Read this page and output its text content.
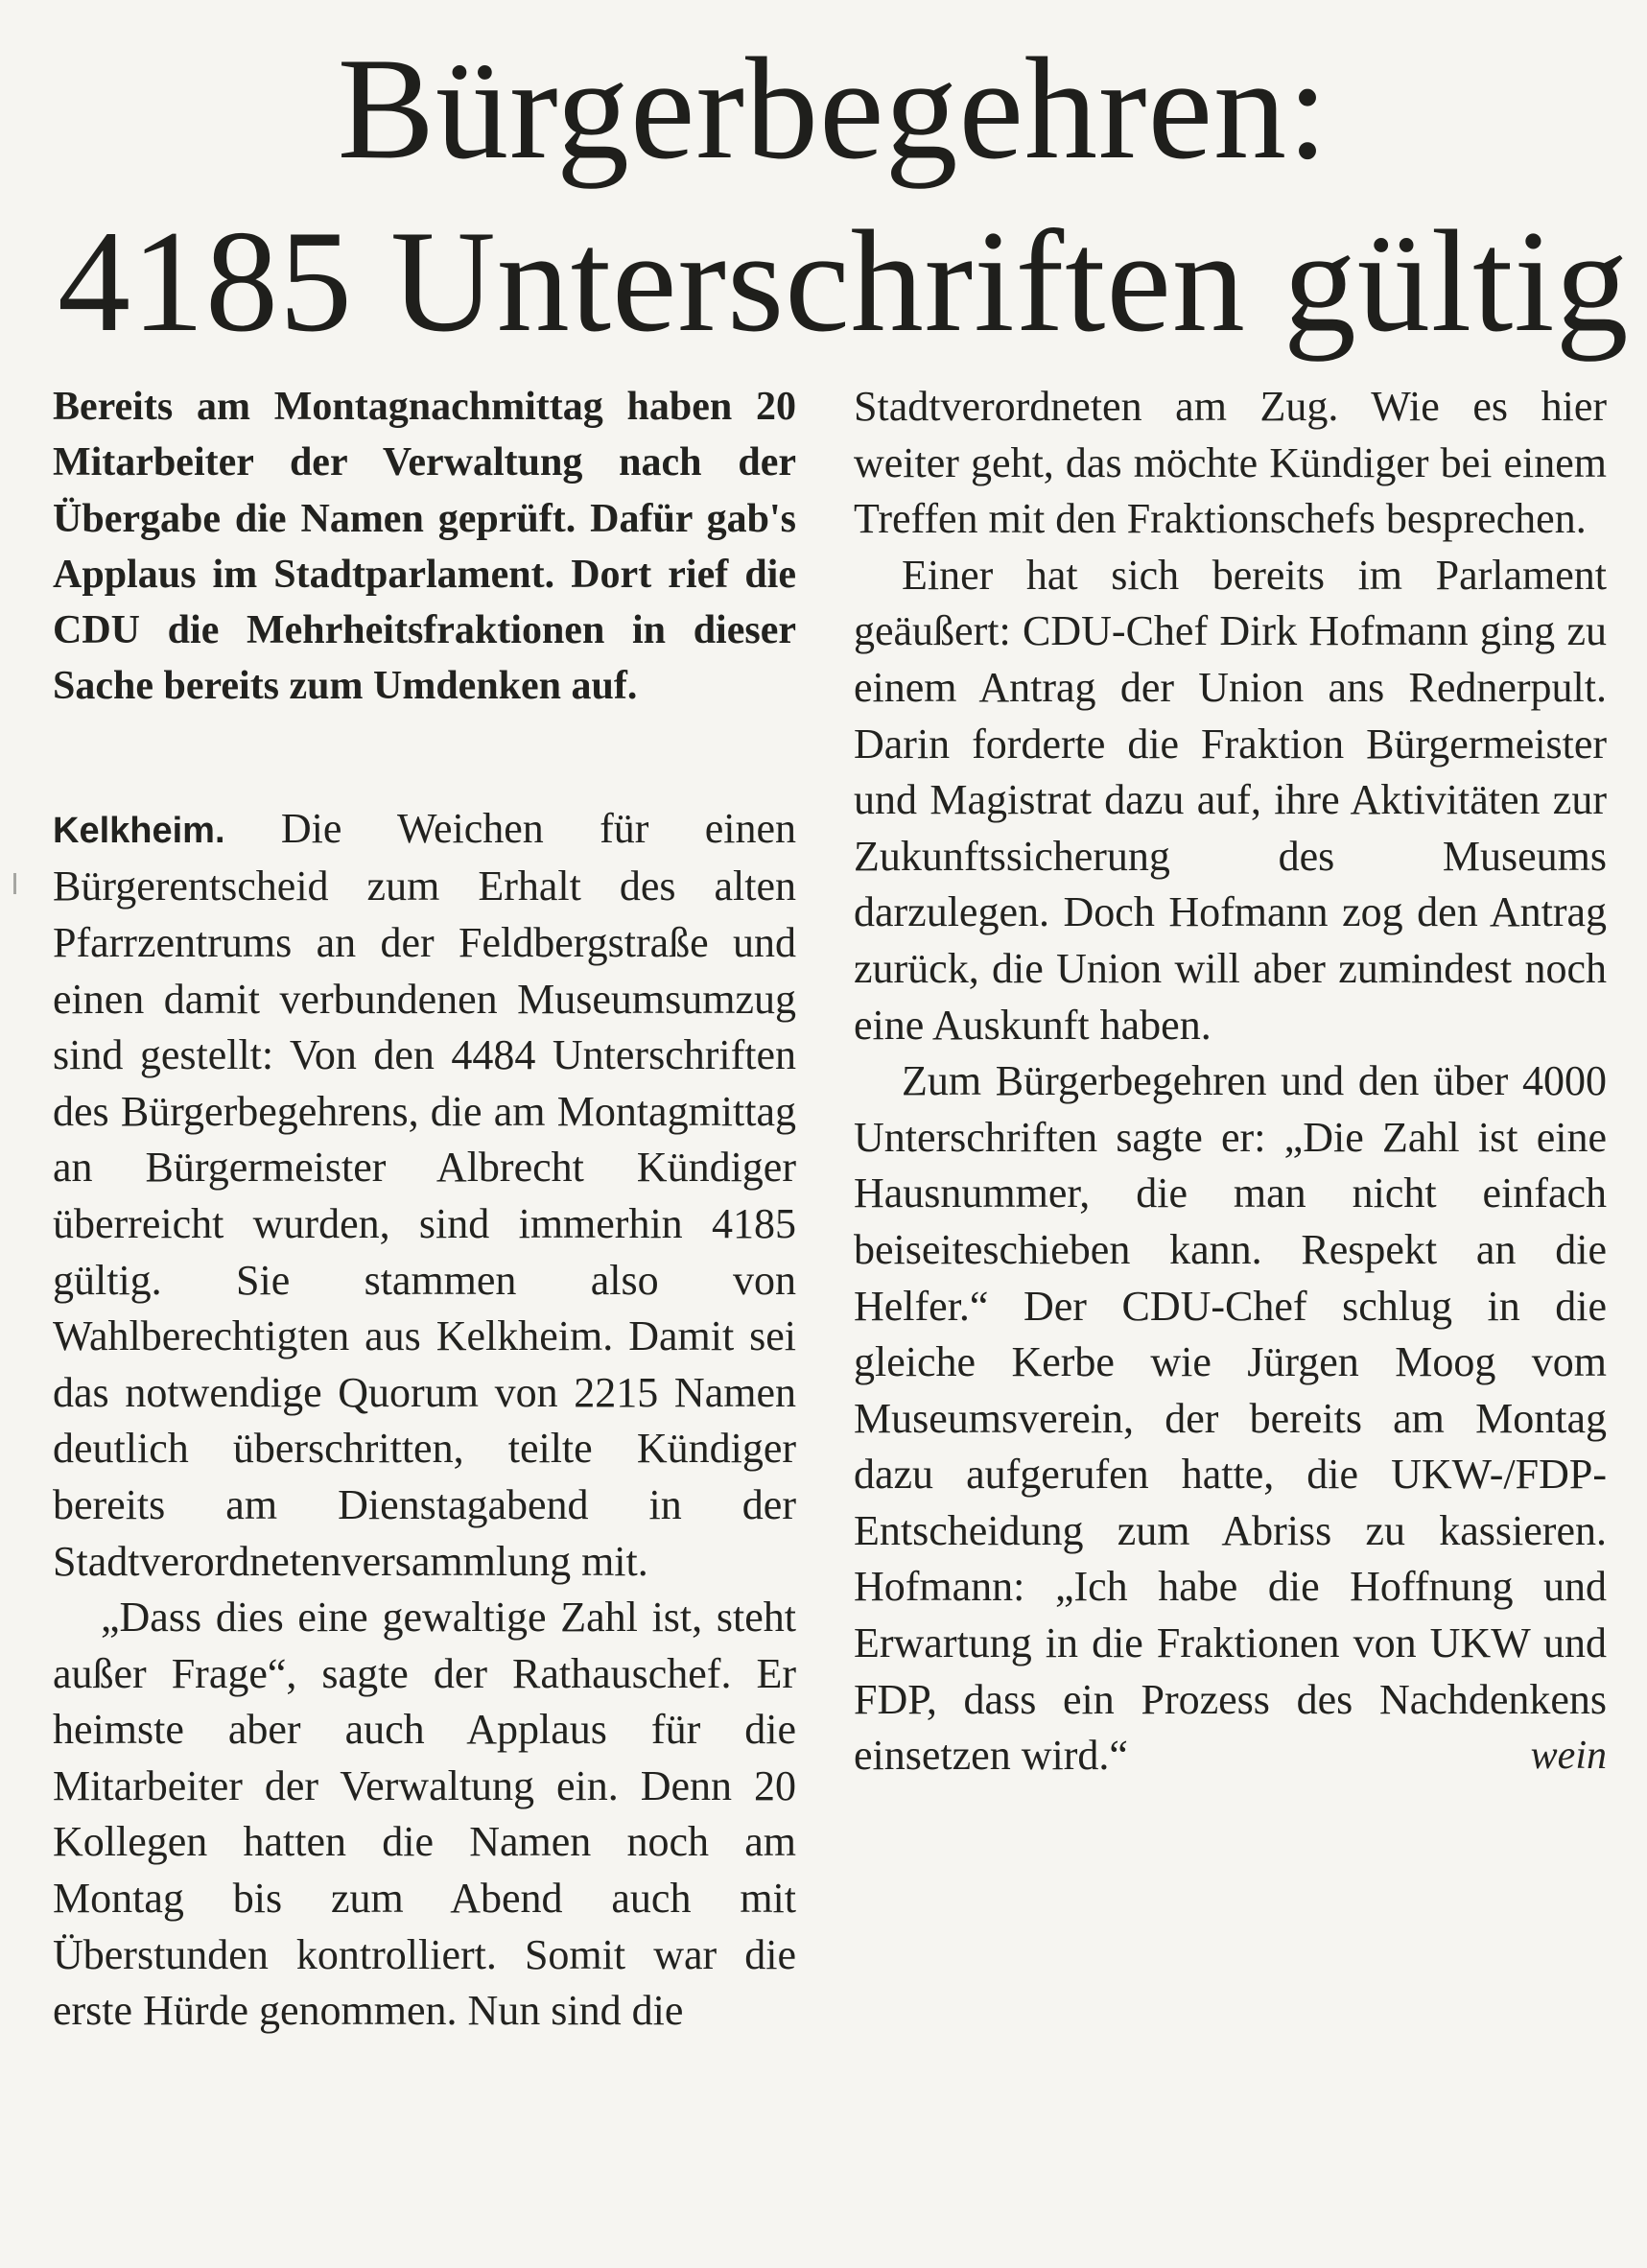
Bürgerbegehren:
4185 Unterschriften gültig

Bereits am Montagnachmittag haben 20 Mitarbeiter der Verwaltung nach der Übergabe die Namen geprüft. Dafür gab's Applaus im Stadtparlament. Dort rief die CDU die Mehrheitsfraktionen in dieser Sache bereits zum Umdenken auf.

Kelkheim. Die Weichen für einen Bürgerentscheid zum Erhalt des alten Pfarrzentrums an der Feldbergstraße und einen damit verbundenen Museumsumzug sind gestellt: Von den 4484 Unterschriften des Bürgerbegehrens, die am Montagmittag an Bürgermeister Albrecht Kündiger überreicht wurden, sind immerhin 4185 gültig. Sie stammen also von Wahlberechtigten aus Kelkheim. Damit sei das notwendige Quorum von 2215 Namen deutlich überschritten, teilte Kündiger bereits am Dienstagabend in der Stadtverordnetenversammlung mit.

„Dass dies eine gewaltige Zahl ist, steht außer Frage“, sagte der Rathauschef. Er heimste aber auch Applaus für die Mitarbeiter der Verwaltung ein. Denn 20 Kollegen hatten die Namen noch am Montag bis zum Abend auch mit Überstunden kontrolliert. Somit war die erste Hürde genommen. Nun sind die

Stadtverordneten am Zug. Wie es hier weiter geht, das möchte Kündiger bei einem Treffen mit den Fraktionschefs besprechen.

Einer hat sich bereits im Parlament geäußert: CDU-Chef Dirk Hofmann ging zu einem Antrag der Union ans Rednerpult. Darin forderte die Fraktion Bürgermeister und Magistrat dazu auf, ihre Aktivitäten zur Zukunftssicherung des Museums darzulegen. Doch Hofmann zog den Antrag zurück, die Union will aber zumindest noch eine Auskunft haben.

Zum Bürgerbegehren und den über 4000 Unterschriften sagte er: „Die Zahl ist eine Hausnummer, die man nicht einfach beiseiteschieben kann. Respekt an die Helfer.“ Der CDU-Chef schlug in die gleiche Kerbe wie Jürgen Moog vom Museumsverein, der bereits am Montag dazu aufgerufen hatte, die UKW-/FDP-Entscheidung zum Abriss zu kassieren. Hofmann: „Ich habe die Hoffnung und Erwartung in die Fraktionen von UKW und FDP, dass ein Prozess des Nachdenkens einsetzen wird.“	wein
